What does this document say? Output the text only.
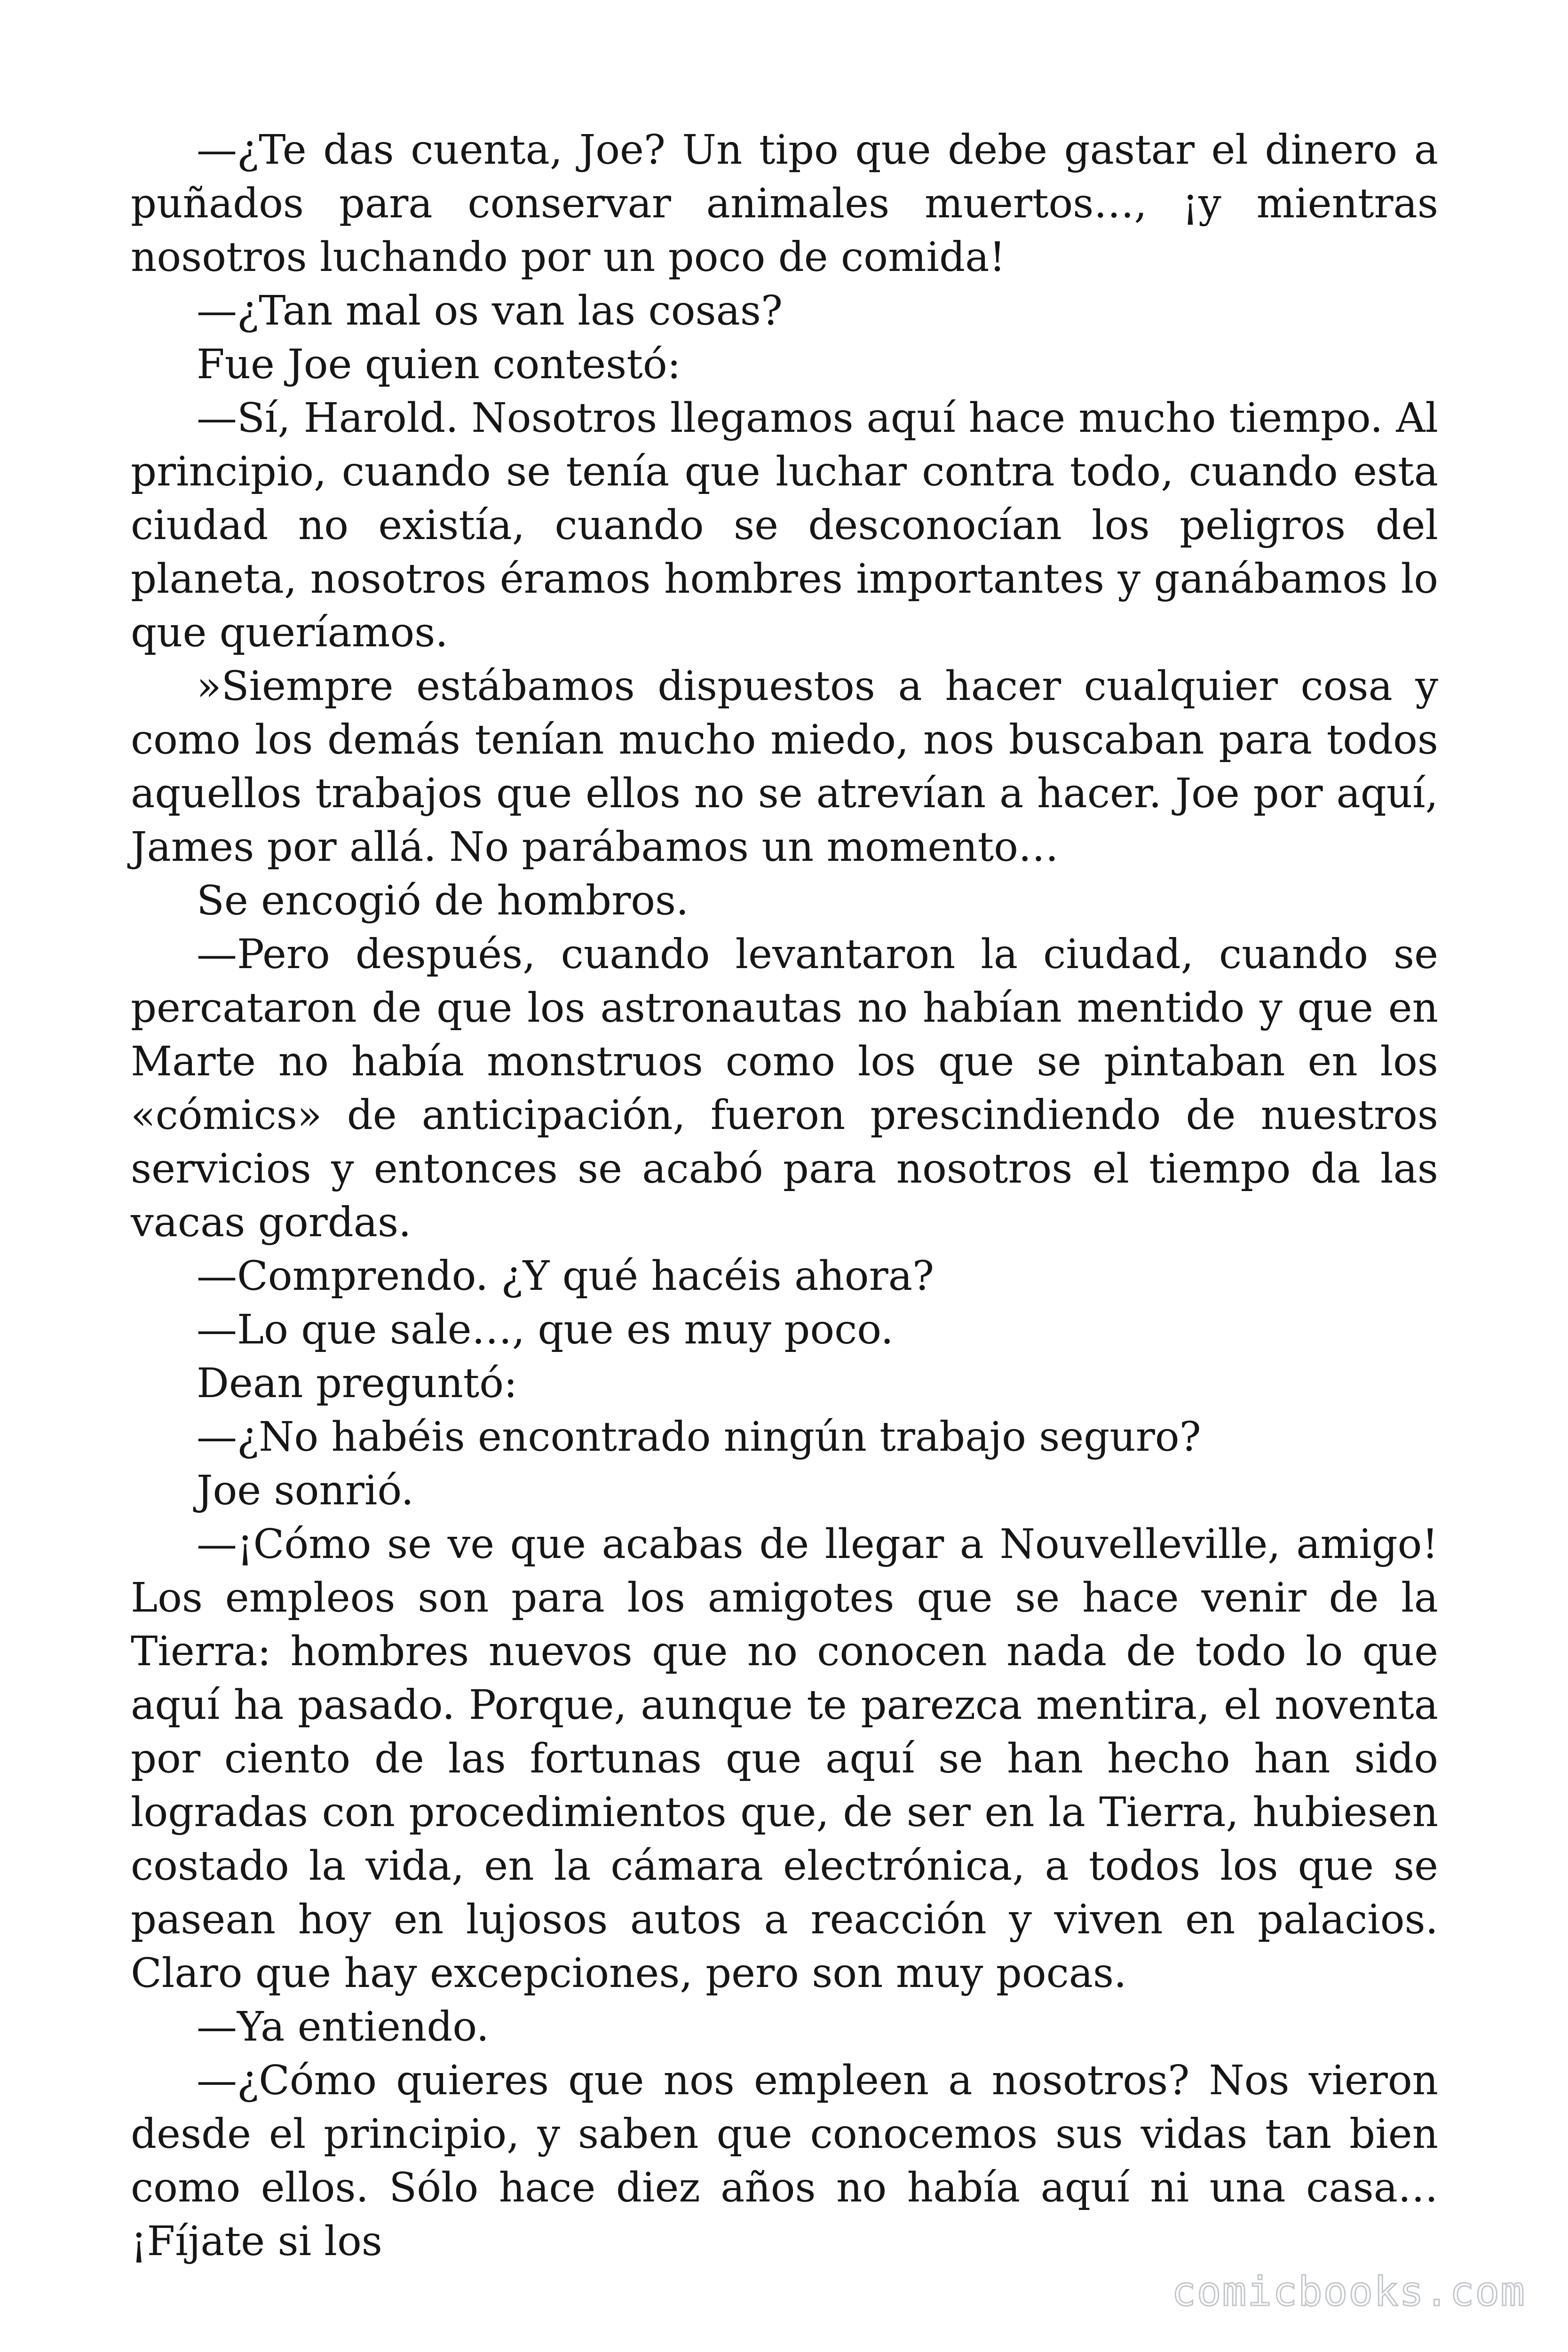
—¿Te das cuenta, Joe? Un tipo que debe gastar el dinero a puñados para conservar animales muertos…, ¡y mientras nosotros luchando por un poco de comida!

—¿Tan mal os van las cosas?

Fue Joe quien contestó:

—Sí, Harold. Nosotros llegamos aquí hace mucho tiempo. Al principio, cuando se tenía que luchar contra todo, cuando esta ciudad no existía, cuando se desconocían los peligros del planeta, nosotros éramos hombres importantes y ganábamos lo que queríamos.

»Siempre estábamos dispuestos a hacer cualquier cosa y como los demás tenían mucho miedo, nos buscaban para todos aquellos trabajos que ellos no se atrevían a hacer. Joe por aquí, James por allá. No parábamos un momento…

Se encogió de hombros.

—Pero después, cuando levantaron la ciudad, cuando se percataron de que los astronautas no habían mentido y que en Marte no había monstruos como los que se pintaban en los «cómics» de anticipación, fueron prescindiendo de nuestros servicios y entonces se acabó para nosotros el tiempo da las vacas gordas.

—Comprendo. ¿Y qué hacéis ahora?

—Lo que sale…, que es muy poco.

Dean preguntó:

—¿No habéis encontrado ningún trabajo seguro?

Joe sonrió.

—¡Cómo se ve que acabas de llegar a Nouvelleville, amigo! Los empleos son para los amigotes que se hace venir de la Tierra: hombres nuevos que no conocen nada de todo lo que aquí ha pasado. Porque, aunque te parezca mentira, el noventa por ciento de las fortunas que aquí se han hecho han sido logradas con procedimientos que, de ser en la Tierra, hubiesen costado la vida, en la cámara electrónica, a todos los que se pasean hoy en lujosos autos a reacción y viven en palacios. Claro que hay excepciones, pero son muy pocas.

—Ya entiendo.

—¿Cómo quieres que nos empleen a nosotros? Nos vieron desde el principio, y saben que conocemos sus vidas tan bien como ellos. Sólo hace diez años no había aquí ni una casa… ¡Fíjate si los

comicbooks.com
